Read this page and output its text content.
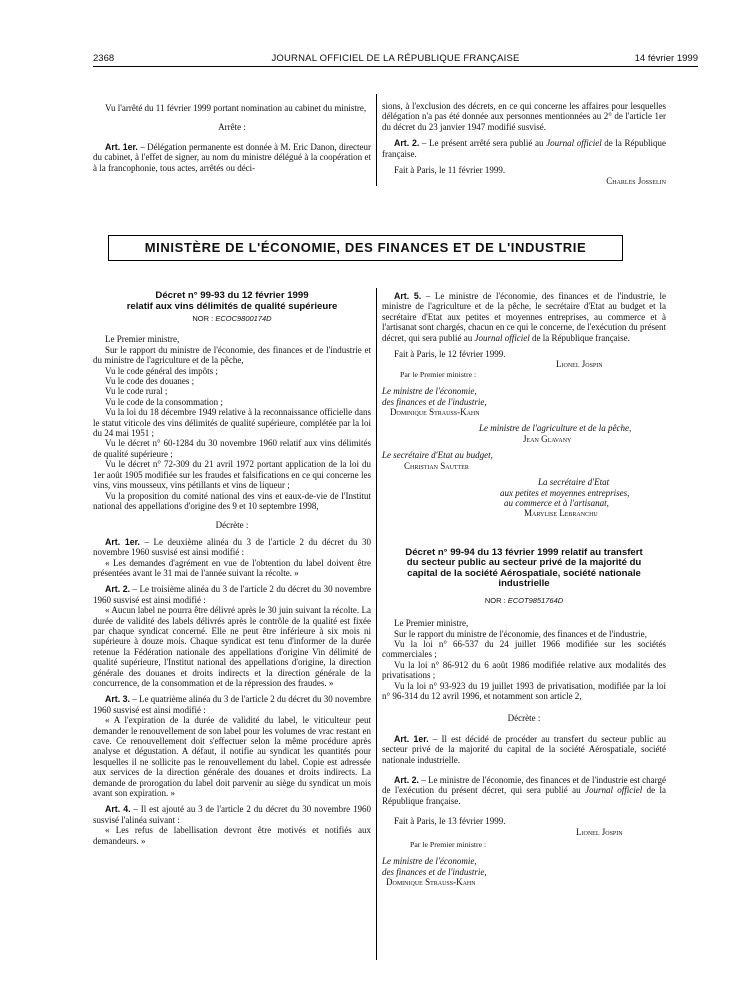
2368	JOURNAL OFFICIEL DE LA RÉPUBLIQUE FRANÇAISE	14 février 1999

Vu l'arrêté du 11 février 1999 portant nomination au cabinet du ministre,

Arrête :

Art. 1er. – Délégation permanente est donnée à M. Eric Danon, directeur du cabinet, à l'effet de signer, au nom du ministre délégué à la coopération et à la francophonie, tous actes, arrêtés ou déci-

sions, à l'exclusion des décrets, en ce qui concerne les affaires pour lesquelles délégation n'a pas été donnée aux personnes mentionnées au 2° de l'article 1er du décret du 23 janvier 1947 modifié susvisé.

Art. 2. – Le présent arrêté sera publié au Journal officiel de la République française.

Fait à Paris, le 11 février 1999.

Charles Josselin

MINISTÈRE DE L'ÉCONOMIE, DES FINANCES ET DE L'INDUSTRIE
Décret n° 99-93 du 12 février 1999
relatif aux vins délimités de qualité supérieure
NOR : ECOC9800174D

Le Premier ministre,

Sur le rapport du ministre de l'économie, des finances et de l'industrie et du ministre de l'agriculture et de la pêche,

Vu le code général des impôts ;

Vu le code des douanes ;

Vu le code rural ;

Vu le code de la consommation ;

Vu la loi du 18 décembre 1949 relative à la reconnaissance officielle dans le statut viticole des vins délimités de qualité supérieure, complétée par la loi du 24 mai 1951 ;

Vu le décret n° 60-1284 du 30 novembre 1960 relatif aux vins délimités de qualité supérieure ;

Vu le décret n° 72-309 du 21 avril 1972 portant application de la loi du 1er août 1905 modifiée sur les fraudes et falsifications en ce qui concerne les vins, vins mousseux, vins pétillants et vins de liqueur ;

Vu la proposition du comité national des vins et eaux-de-vie de l'Institut national des appellations d'origine des 9 et 10 septembre 1998,

Décrète :

Art. 1er. – Le deuxième alinéa du 3 de l'article 2 du décret du 30 novembre 1960 susvisé est ainsi modifié :

« Les demandes d'agrément en vue de l'obtention du label doivent être présentées avant le 31 mai de l'année suivant la récolte. »

Art. 2. – Le troisième alinéa du 3 de l'article 2 du décret du 30 novembre 1960 susvisé est ainsi modifié :

« Aucun label ne pourra être délivré après le 30 juin suivant la récolte. La durée de validité des labels délivrés après le contrôle de la qualité est fixée par chaque syndicat concerné. Elle ne peut être inférieure à six mois ni supérieure à douze mois. Chaque syndicat est tenu d'informer de la durée retenue la Fédération nationale des appellations d'origine Vin délimité de qualité supérieure, l'Institut national des appellations d'origine, la direction générale des douanes et droits indirects et la direction générale de la concurrence, de la consommation et de la répression des fraudes. »

Art. 3. – Le quatrième alinéa du 3 de l'article 2 du décret du 30 novembre 1960 susvisé est ainsi modifié :

« A l'expiration de la durée de validité du label, le viticulteur peut demander le renouvellement de son label pour les volumes de vrac restant en cave. Ce renouvellement doit s'effectuer selon la même procédure après analyse et dégustation. A défaut, il notifie au syndicat les quantités pour lesquelles il ne sollicite pas le renouvellement du label. Copie est adressée aux services de la direction générale des douanes et droits indirects. La demande de prorogation du label doit parvenir au siège du syndicat un mois avant son expiration. »

Art. 4. – Il est ajouté au 3 de l'article 2 du décret du 30 novembre 1960 susvisé l'alinéa suivant :

« Les refus de labellisation devront être motivés et notifiés aux demandeurs. »

Art. 5. – Le ministre de l'économie, des finances et de l'industrie, le ministre de l'agriculture et de la pêche, le secrétaire d'Etat au budget et la secrétaire d'Etat aux petites et moyennes entreprises, au commerce et à l'artisanat sont chargés, chacun en ce qui le concerne, de l'exécution du présent décret, qui sera publié au Journal officiel de la République française.

Fait à Paris, le 12 février 1999.

Lionel Jospin

Par le Premier ministre :

Le ministre de l'économie,

des finances et de l'industrie,

Dominique Strauss-Kahn

Le ministre de l'agriculture et de la pêche,

Jean Glavany

Le secrétaire d'Etat au budget,

Christian Sautter

La secrétaire d'Etat

aux petites et moyennes entreprises,

au commerce et à l'artisanat,

Marylise Lebranchu

Décret n° 99-94 du 13 février 1999 relatif au transfert
du secteur public au secteur privé de la majorité du
capital de la société Aérospatiale, société nationale
industrielle
NOR : ECOT9851764D

Le Premier ministre,

Sur le rapport du ministre de l'économie, des finances et de l'industrie,

Vu la loi n° 66-537 du 24 juillet 1966 modifiée sur les sociétés commerciales ;

Vu la loi n° 86-912 du 6 août 1986 modifiée relative aux modalités des privatisations ;

Vu la loi n° 93-923 du 19 juillet 1993 de privatisation, modifiée par la loi n° 96-314 du 12 avril 1996, et notamment son article 2,

Décrète :

Art. 1er. – Il est décidé de procéder au transfert du secteur public au secteur privé de la majorité du capital de la société Aérospatiale, société nationale industrielle.

Art. 2. – Le ministre de l'économie, des finances et de l'industrie est chargé de l'exécution du présent décret, qui sera publié au Journal officiel de la République française.

Fait à Paris, le 13 février 1999.

Lionel Jospin

Par le Premier ministre :

Le ministre de l'économie,

des finances et de l'industrie,

Dominique Strauss-Kahn
